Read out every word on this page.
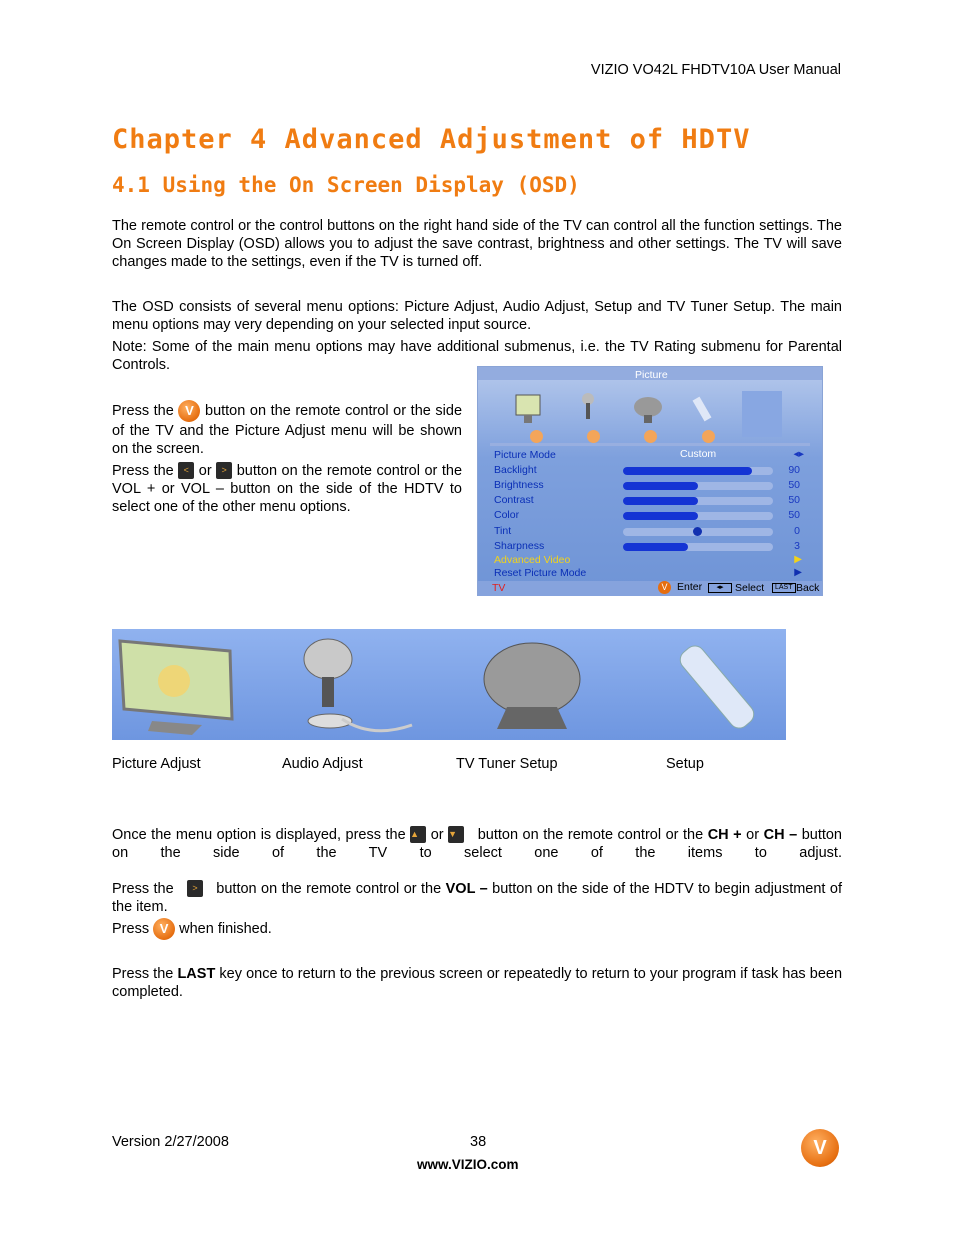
VIZIO VO42L FHDTV10A User Manual
Chapter 4 Advanced Adjustment of HDTV
4.1 Using the On Screen Display (OSD)
The remote control or the control buttons on the right hand side of the TV can control all the function settings. The On Screen Display (OSD) allows you to adjust the save contrast, brightness and other settings. The TV will save changes made to the settings, even if the TV is turned off.
The OSD consists of several menu options: Picture Adjust, Audio Adjust, Setup and TV Tuner Setup. The main menu options may very depending on your selected input source.
Note: Some of the main menu options may have additional submenus, i.e. the TV Rating submenu for Parental Controls.
Press the V button on the remote control or the side of the TV and the Picture Adjust menu will be shown on the screen.
Press the < or > button on the remote control or the VOL + or VOL – button on the side of the HDTV to select one of the other menu options.
Picture
Picture Mode	Custom	◂▸
Backlight	90
Brightness	50
Contrast	50
Color	50
Tint	0
Sharpness	3
Advanced Video	▶
Reset Picture Mode	▶
TV	V Enter	◂▸	Select	LAST Back
Picture Adjust	Audio Adjust	TV Tuner Setup	Setup
Once the menu option is displayed, press the ▲ or ▼ button on the remote control or the CH + or CH – button on the side of the TV to select one of the items to adjust.
Press the > button on the remote control or the VOL – button on the side of the HDTV to begin adjustment of the item.
Press V when finished.
Press the LAST key once to return to the previous screen or repeatedly to return to your program if task has been completed.
Version 2/27/2008	38
www.VIZIO.com
V
